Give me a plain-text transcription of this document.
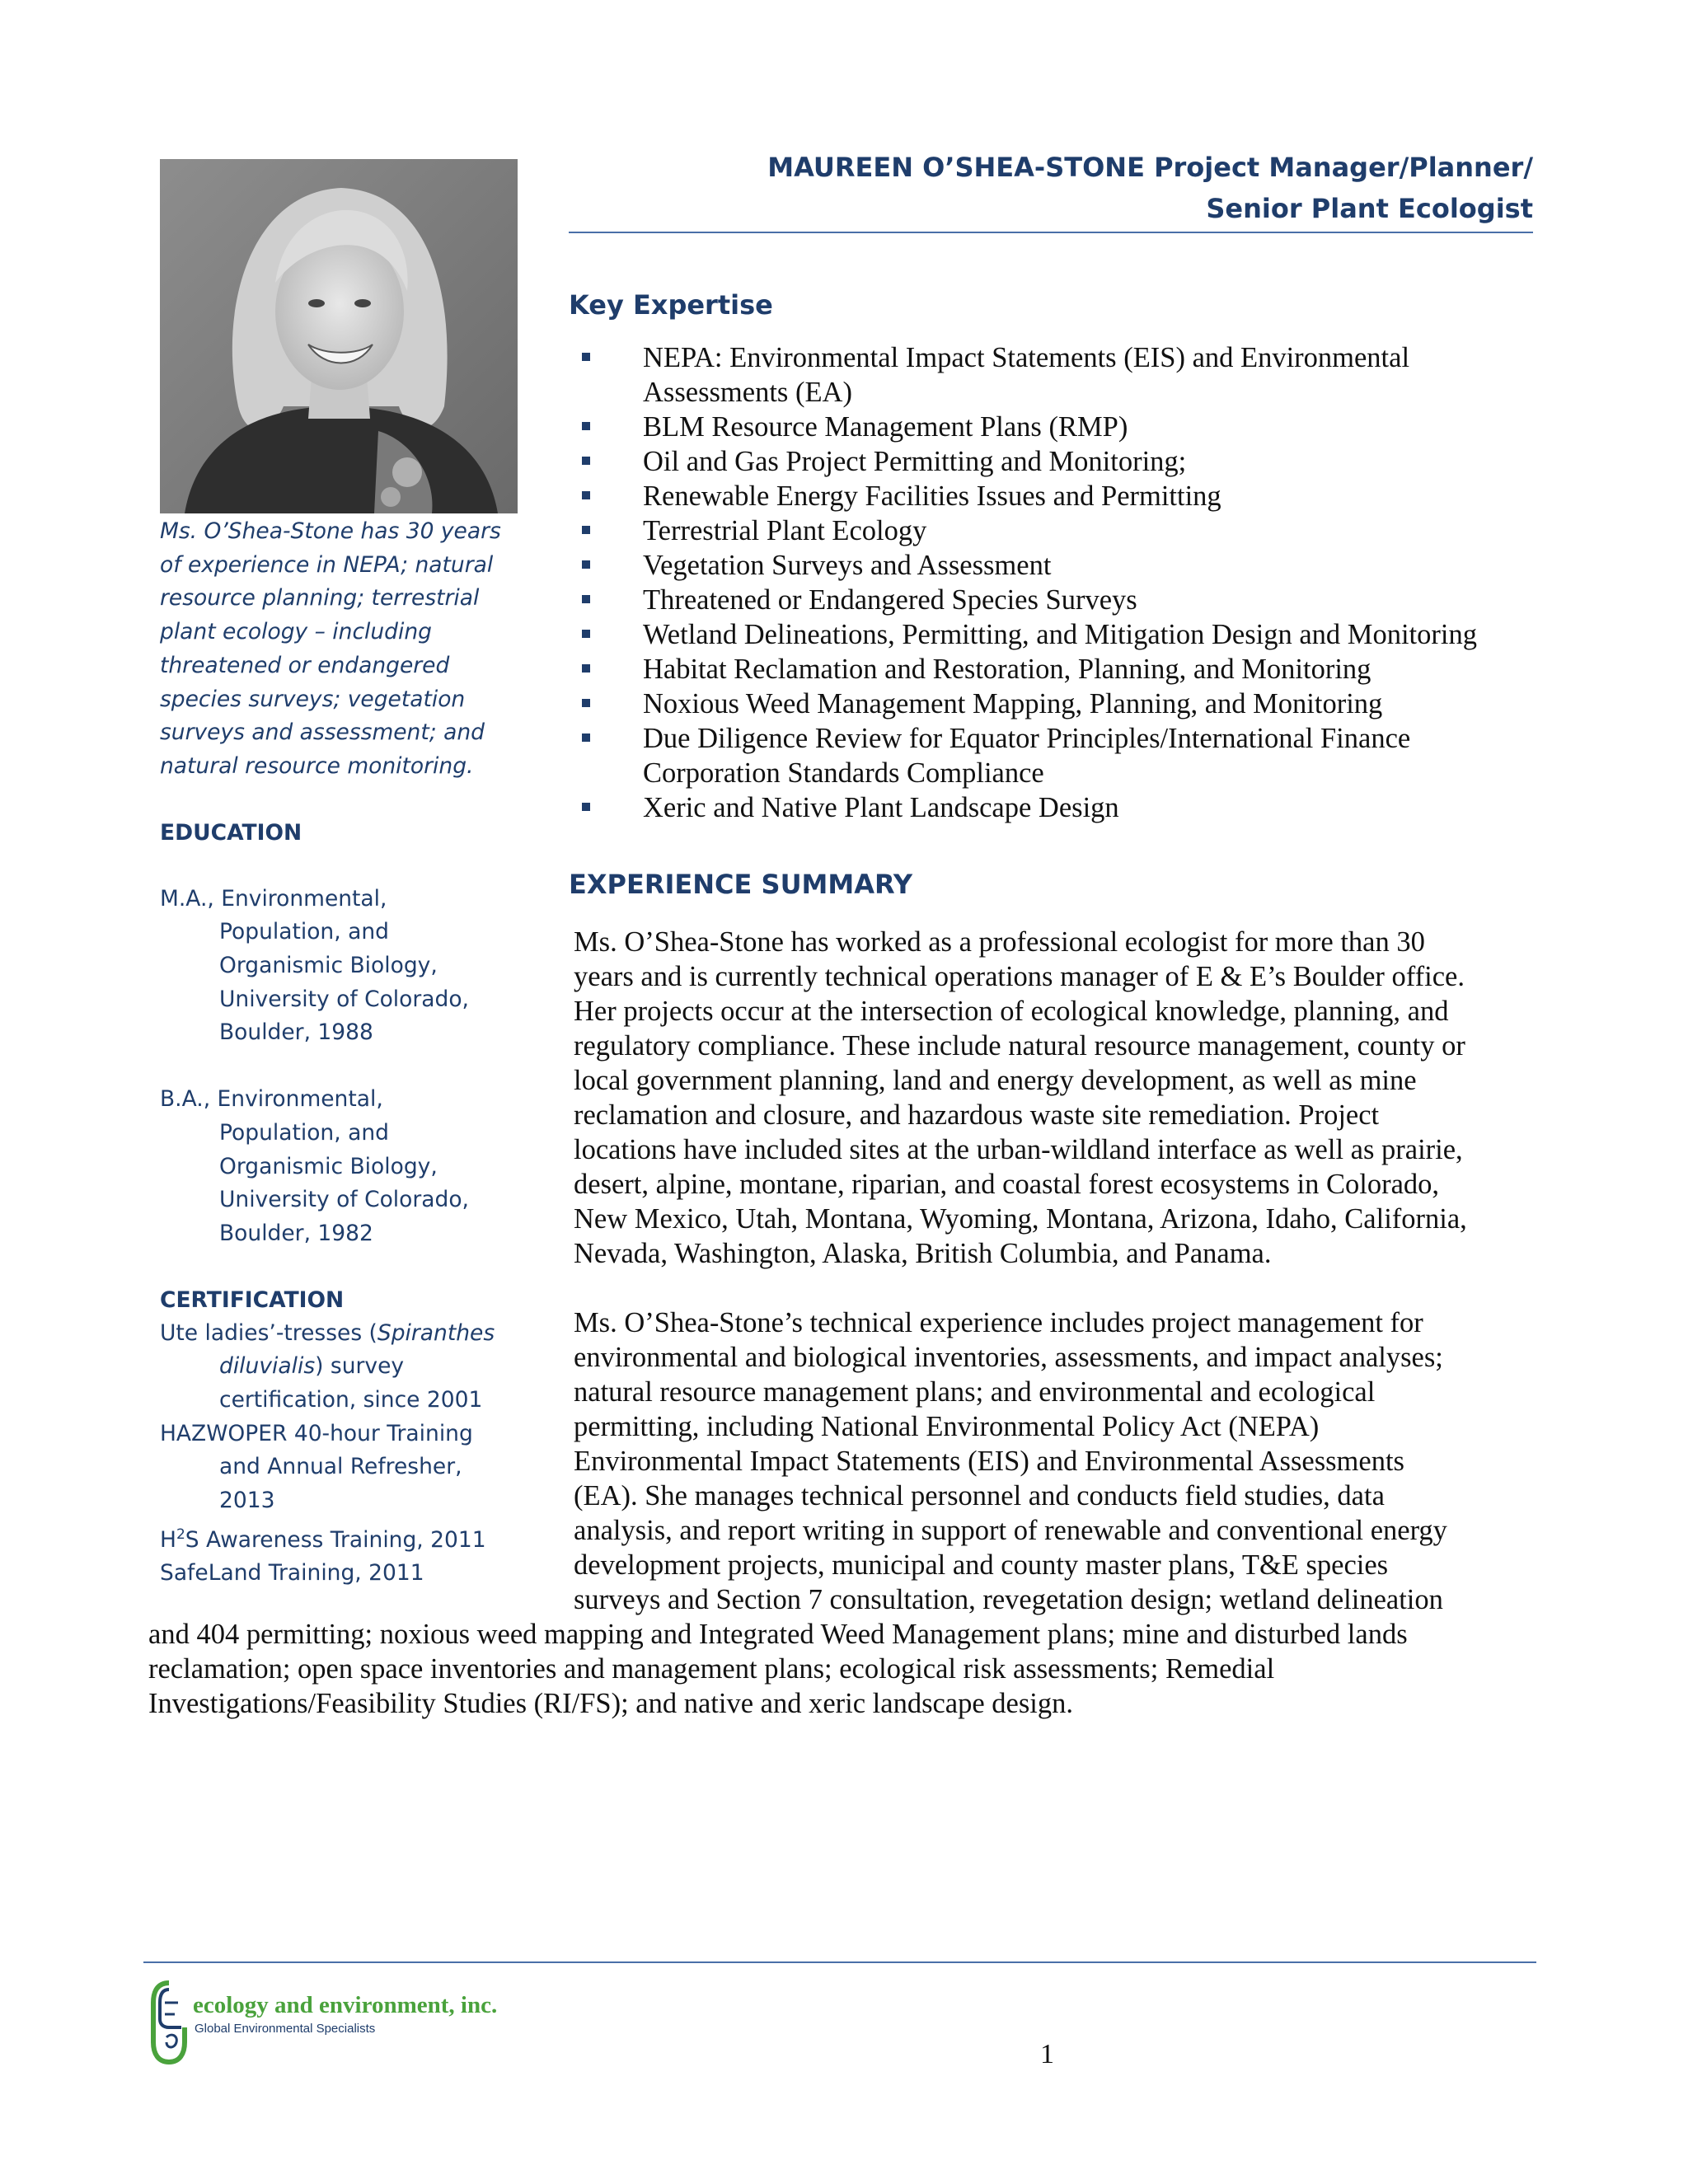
MAUREEN O’SHEA-STONE Project Manager/Planner/
Senior Plant Ecologist

Ms. O’Shea-Stone has 30 years of experience in NEPA; natural resource planning; terrestrial plant ecology – including threatened or endangered species surveys; vegetation surveys and assessment; and natural resource monitoring.

EDUCATION

M.A., Environmental,
Population, and
Organismic Biology,
University of Colorado,
Boulder, 1988

B.A., Environmental,
Population, and
Organismic Biology,
University of Colorado,
Boulder, 1982

CERTIFICATION

Ute ladies’-tresses (Spiranthes
diluvialis) survey
certification, since 2001

HAZWOPER 40-hour Training
and Annual Refresher,
2013

$H^2S$ Awareness Training, 2011

SafeLand Training, 2011

Key Expertise

NEPA: Environmental Impact Statements (EIS) and Environmental
Assessments (EA)
BLM Resource Management Plans (RMP)
Oil and Gas Project Permitting and Monitoring;
Renewable Energy Facilities Issues and Permitting
Terrestrial Plant Ecology
Vegetation Surveys and Assessment
Threatened or Endangered Species Surveys
Wetland Delineations, Permitting, and Mitigation Design and Monitoring
Habitat Reclamation and Restoration, Planning, and Monitoring
Noxious Weed Management Mapping, Planning, and Monitoring
Due Diligence Review for Equator Principles/International Finance
Corporation Standards Compliance
Xeric and Native Plant Landscape Design

EXPERIENCE SUMMARY

Ms. O’Shea-Stone has worked as a professional ecologist for more than 30
years and is currently technical operations manager of E & E’s Boulder office.
Her projects occur at the intersection of ecological knowledge, planning, and
regulatory compliance. These include natural resource management, county or
local government planning, land and energy development, as well as mine
reclamation and closure, and hazardous waste site remediation. Project
locations have included sites at the urban-wildland interface as well as prairie,
desert, alpine, montane, riparian, and coastal forest ecosystems in Colorado,
New Mexico, Utah, Montana, Wyoming, Montana, Arizona, Idaho, California,
Nevada, Washington, Alaska, British Columbia, and Panama.
Ms. O’Shea-Stone’s technical experience includes project management for
environmental and biological inventories, assessments, and impact analyses;
natural resource management plans; and environmental and ecological
permitting, including National Environmental Policy Act (NEPA)
Environmental Impact Statements (EIS) and Environmental Assessments
(EA). She manages technical personnel and conducts field studies, data
analysis, and report writing in support of renewable and conventional energy
development projects, municipal and county master plans, T&E species
surveys and Section 7 consultation, revegetation design; wetland delineation
and 404 permitting; noxious weed mapping and Integrated Weed Management plans; mine and disturbed lands
reclamation; open space inventories and management plans; ecological risk assessments; Remedial
Investigations/Feasibility Studies (RI/FS); and native and xeric landscape design.
ecology and environment, inc.
Global Environmental Specialists
1
